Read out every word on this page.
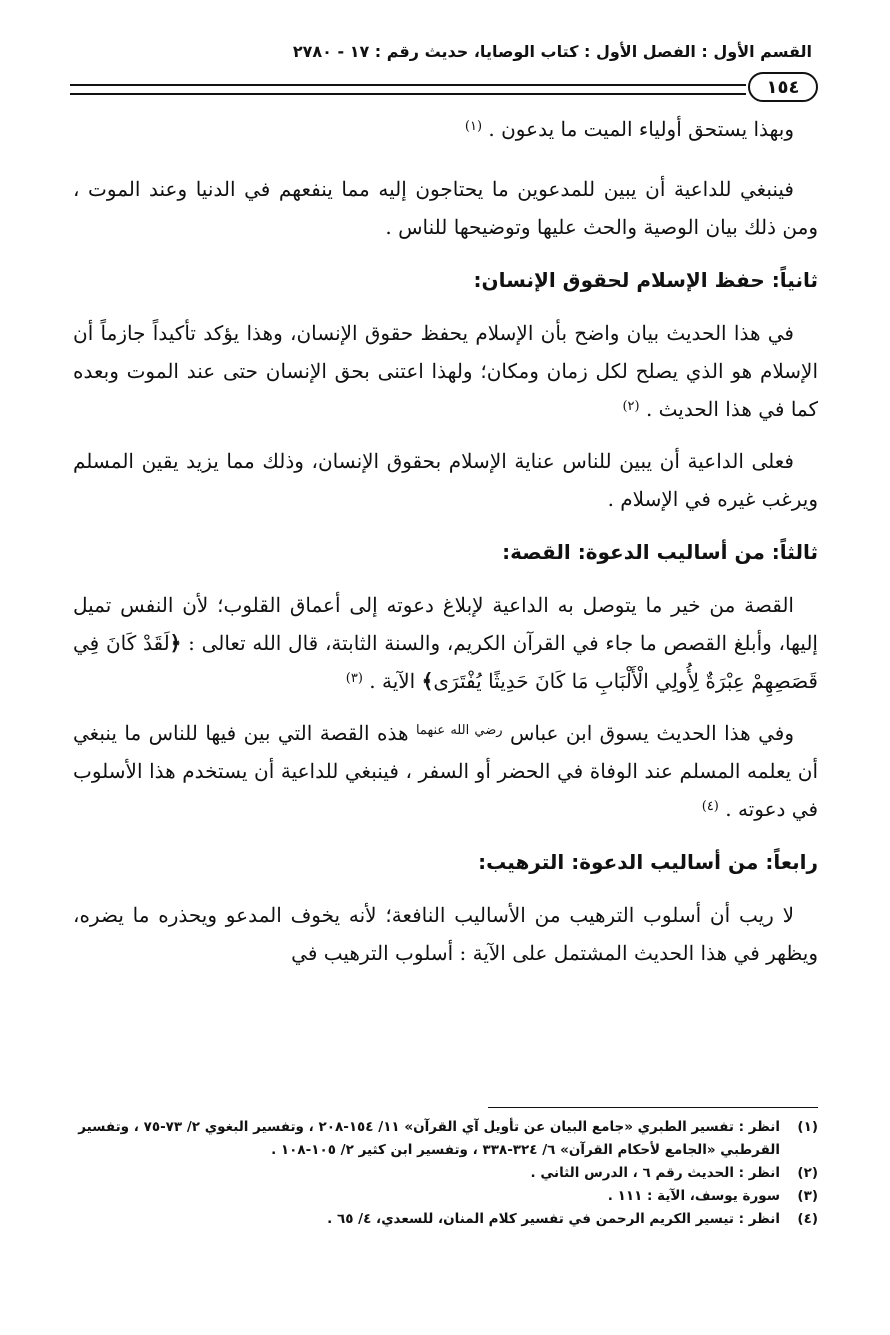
القسم الأول : الفصل الأول : كتاب الوصايا، حديث رقم : ١٧ - ٢٧٨٠
١٥٤

وبهذا يستحق أولياء الميت ما يدعون . $^{(١)}$

فينبغي للداعية أن يبين للمدعوين ما يحتاجون إليه مما ينفعهم في الدنيا وعند الموت ، ومن ذلك بيان الوصية والحث عليها وتوضيحها للناس .

ثانياً: حفظ الإسلام لحقوق الإنسان:

في هذا الحديث بيان واضح بأن الإسلام يحفظ حقوق الإنسان، وهذا يؤكد تأكيداً جازماً أن الإسلام هو الذي يصلح لكل زمان ومكان؛ ولهذا اعتنى بحق الإنسان حتى عند الموت وبعده كما في هذا الحديث . $^{(٢)}$

فعلى الداعية أن يبين للناس عناية الإسلام بحقوق الإنسان، وذلك مما يزيد يقين المسلم ويرغب غيره في الإسلام .

ثالثاً: من أساليب الدعوة: القصة:

القصة من خير ما يتوصل به الداعية لإبلاغ دعوته إلى أعماق القلوب؛ لأن النفس تميل إليها، وأبلغ القصص ما جاء في القرآن الكريم، والسنة الثابتة، قال الله تعالى : ﴿لَقَدْ كَانَ فِي قَصَصِهِمْ عِبْرَةٌ لِأُولِي الْأَلْبَابِ مَا كَانَ حَدِيثًا يُفْتَرَى﴾ الآية . $^{(٣)}$

وفي هذا الحديث يسوق ابن عباس $^{رضي الله عنهما}$ هذه القصة التي بين فيها للناس ما ينبغي أن يعلمه المسلم عند الوفاة في الحضر أو السفر ، فينبغي للداعية أن يستخدم هذا الأسلوب في دعوته . $^{(٤)}$

رابعاً: من أساليب الدعوة: الترهيب:

لا ريب أن أسلوب الترهيب من الأساليب النافعة؛ لأنه يخوف المدعو ويحذره ما يضره، ويظهر في هذا الحديث المشتمل على الآية : أسلوب الترهيب في

(١)
انظر : تفسير الطبري «جامع البيان عن تأويل آي القرآن» ١١/ ١٥٤-٢٠٨ ، وتفسير البغوي ٢/ ٧٣-٧٥ ، وتفسير القرطبي «الجامع لأحكام القرآن» ٦/ ٣٢٤-٣٣٨ ، وتفسير ابن كثير ٢/ ١٠٥-١٠٨ .
(٢)
انظر : الحديث رقم ٦ ، الدرس الثاني .
(٣)
سورة يوسف، الآية : ١١١ .
(٤)
انظر : تيسير الكريم الرحمن في تفسير كلام المنان، للسعدي، ٤/ ٦٥ .
